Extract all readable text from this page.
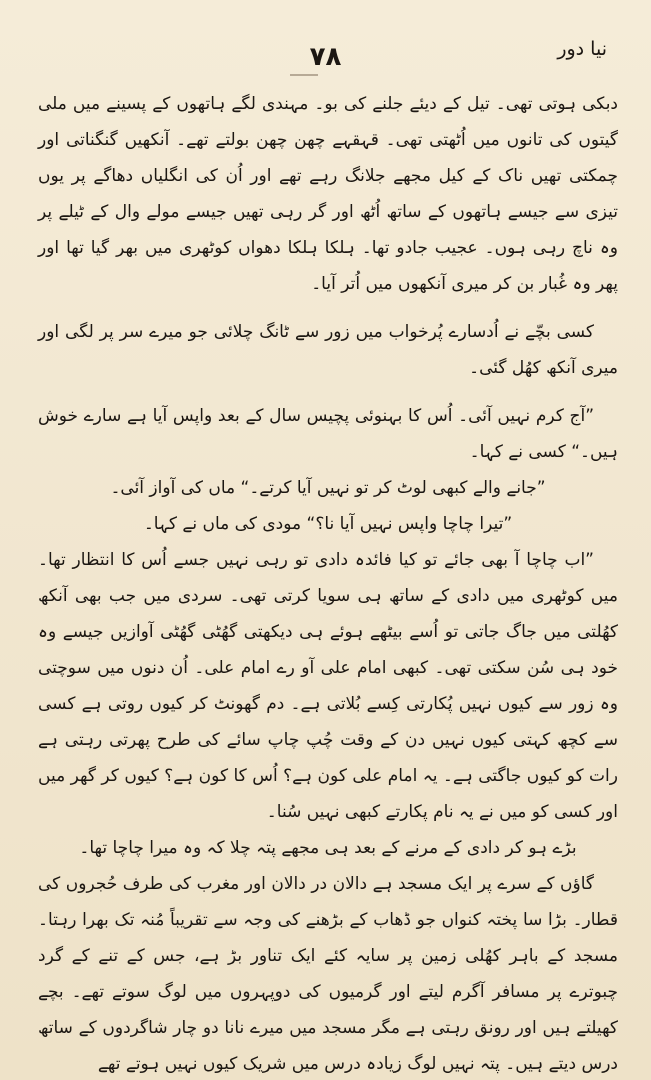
۷۸	نیا دور

دبکی ہوتی تھی۔ تیل کے دیئے جلنے کی بو۔ مہندی لگے ہاتھوں کے پسینے میں ملی گیتوں کی تانوں میں اُٹھتی تھی۔ قہقہے چھن چھن بولتے تھے۔ آنکھیں گنگناتی اور چمکتی تھیں ناک کے کیل مجھے جلانگ رہے تھے اور اُن کی انگلیاں دھاگے پر یوں تیزی سے جیسے ہاتھوں کے ساتھ اُٹھ اور گر رہی تھیں جیسے مولے وال کے ٹیلے پر وہ ناچ رہی ہوں۔ عجیب جادو تھا۔ ہلکا ہلکا دھواں کوٹھری میں بھر گیا تھا اور پھر وہ غُبار بن کر میری آنکھوں میں اُتر آیا۔

کسی بچّے نے اُدسارے پُرخواب میں زور سے ٹانگ چلائی جو میرے سر پر لگی اور میری آنکھ کھُل گئی۔

”آج کرم نہیں آئی۔ اُس کا بہنوئی پچیس سال کے بعد واپس آیا ہے سارے خوش ہیں۔“ کسی نے کہا۔

”جانے والے کبھی لوٹ کر تو نہیں آیا کرتے۔“ ماں کی آواز آئی۔

”تیرا چاچا واپس نہیں آیا نا؟“ مودی کی ماں نے کہا۔

”اب چاچا آ بھی جائے تو کیا فائدہ دادی تو رہی نہیں جسے اُس کا انتظار تھا۔ میں کوٹھری میں دادی کے ساتھ ہی سویا کرتی تھی۔ سردی میں جب بھی آنکھ کھُلتی میں جاگ جاتی تو اُسے بیٹھے ہوئے ہی دیکھتی گھُٹی گھُٹی آوازیں جیسے وہ خود ہی سُن سکتی تھی۔ کبھی امام علی آو رے امام علی۔ اُن دنوں میں سوچتی وہ زور سے کیوں نہیں پُکارتی کِسے بُلاتی ہے۔ دم گھونٹ کر کیوں روتی ہے کسی سے کچھ کہتی کیوں نہیں دن کے وقت چُپ چاپ سائے کی طرح پھرتی رہتی ہے رات کو کیوں جاگتی ہے۔ یہ امام علی کون ہے؟ اُس کا کون ہے؟ کیوں کر گھر میں اور کسی کو میں نے یہ نام پکارتے کبھی نہیں سُنا۔

بڑے ہو کر دادی کے مرنے کے بعد ہی مجھے پتہ چلا کہ وہ میرا چاچا تھا۔

گاؤں کے سرے پر ایک مسجد ہے دالان در دالان اور مغرب کی طرف حُجروں کی قطار۔ بڑا سا پختہ کنواں جو ڈھاب کے بڑھنے کی وجہ سے تقریباً مُنہ تک بھرا رہتا۔ مسجد کے باہر کھُلی زمین پر سایہ کئے ایک تناور بڑ ہے، جس کے تنے کے گرد چبوترے پر مسافر آگرم لیتے اور گرمیوں کی دوپہروں میں لوگ سوتے تھے۔ بچے کھیلتے ہیں اور رونق رہتی ہے مگر مسجد میں میرے نانا دو چار شاگردوں کے ساتھ درس دیتے ہیں۔ پتہ نہیں لوگ زیادہ درس میں شریک کیوں نہیں ہوتے تھے
